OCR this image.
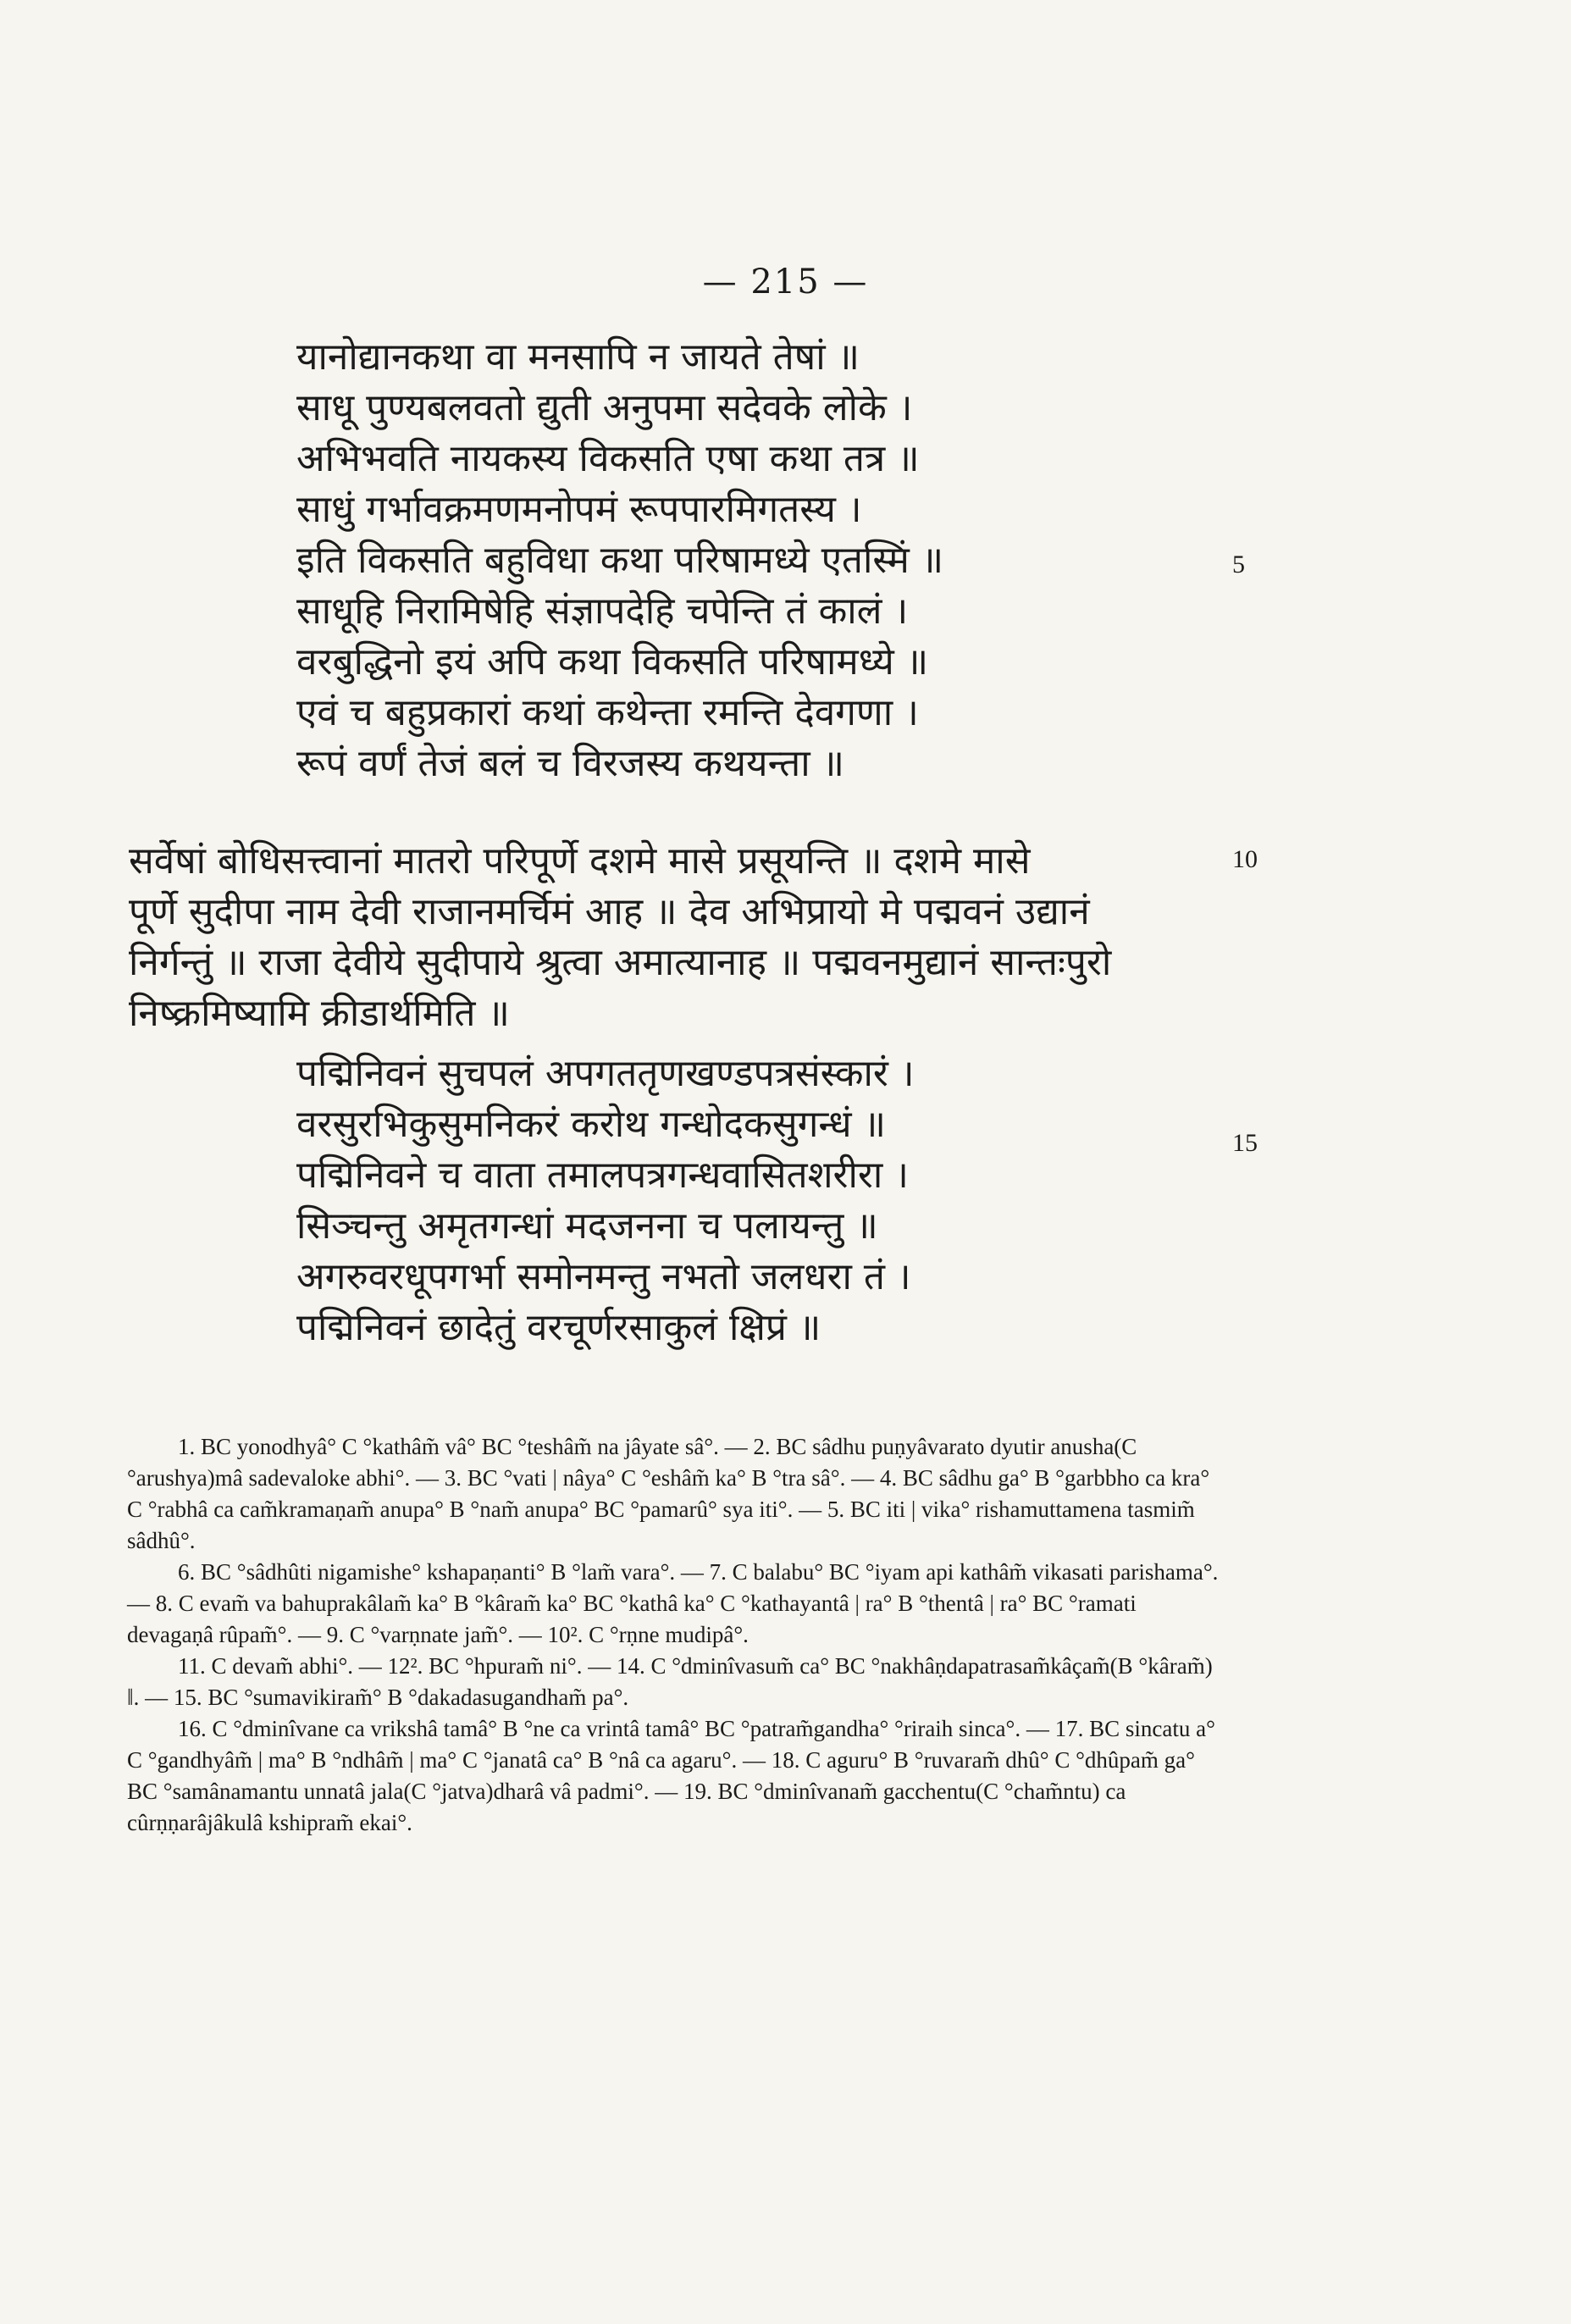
— 215 —
यानोद्यानकथा वा मनसापि न जायते तेषां ॥
साधू पुण्यबलवतो द्युती अनुपमा सदेवके लोके ।
अभिभवति नायकस्य विकसति एषा कथा तत्र ॥
साधुं गर्भावक्रमणमनोपमं रूपपारमिगतस्य ।
इति विकसति बहुविधा कथा परिषामध्ये एतस्मिं ॥
साधूहि निरामिषेहि संज्ञापदेहि चपेन्ति तं कालं ।
वरबुद्धिनो इयं अपि कथा विकसति परिषामध्ये ॥
एवं च बहुप्रकारां कथां कथेन्ता रमन्ति देवगणा ।
रूपं वर्णं तेजं बलं च विरजस्य कथयन्ता ॥
5
सर्वेषां बोधिसत्त्वानां मातरो परिपूर्णे दशमे मासे प्रसूयन्ति ॥ दशमे मासे
पूर्णे सुदीपा नाम देवी राजानमर्चिमं आह ॥ देव अभिप्रायो मे पद्मवनं उद्यानं
निर्गन्तुं ॥ राजा देवीये सुदीपाये श्रुत्वा अमात्यानाह ॥ पद्मवनमुद्यानं सान्तःपुरो
निष्क्रमिष्यामि क्रीडार्थमिति ॥
10
पद्मिनिवनं सुचपलं अपगततृणखण्डपत्रसंस्कारं ।
वरसुरभिकुसुमनिकरं करोथ गन्धोदकसुगन्धं ॥
पद्मिनिवने च वाता तमालपत्रगन्धवासितशरीरा ।
सिञ्चन्तु अमृतगन्धां मदजनना च पलायन्तु ॥
अगरुवरधूपगर्भा समोनमन्तु नभतो जलधरा तं ।
पद्मिनिवनं छादेतुं वरचूर्णरसाकुलं क्षिप्रं ॥
15

1. BC yonodhyâ° C °kathâm̃ vâ° BC °teshâm̃ na jâyate sâ°. — 2. BC sâdhu puṇyâvarato dyutir anusha(C °arushya)mâ sadevaloke abhi°. — 3. BC °vati | nâya° C °eshâm̃ ka° B °tra sâ°. — 4. BC sâdhu ga° B °garbbho ca kra° C °rabhâ ca cam̃kramaṇam̃ anupa° B °nam̃ anupa° BC °pamarû° sya iti°. — 5. BC iti | vika° rishamuttamena tasmim̃ sâdhû°.

6. BC °sâdhûti nigamishe° kshapaṇanti° B °lam̃ vara°. — 7. C balabu° BC °iyam api kathâm̃ vikasati parishama°. — 8. C evam̃ va bahuprakâlam̃ ka° B °kâram̃ ka° BC °kathâ ka° C °kathayantâ | ra° B °thentâ | ra° BC °ramati devagaṇâ rûpam̃°. — 9. C °varṇnate jam̃°. — 10². C °rṇne mudipâ°.

11. C devam̃ abhi°. — 12². BC °hpuram̃ ni°. — 14. C °dminîvasum̃ ca° BC °nakhâṇdapatrasam̃kâçam̃(B °kâram̃) ‖. — 15. BC °sumavikiram̃° B °dakadasugandham̃ pa°.

16. C °dminîvane ca vrikshâ tamâ° B °ne ca vrintâ tamâ° BC °patram̃gandha° °riraih sinca°. — 17. BC sincatu a° C °gandhyâm̃ | ma° B °ndhâm̃ | ma° C °janatâ ca° B °nâ ca agaru°. — 18. C aguru° B °ruvaram̃ dhû° C °dhûpam̃ ga° BC °samânamantu unnatâ jala(C °jatva)dharâ vâ padmi°. — 19. BC °dminîvanam̃ gacchentu(C °cham̃ntu) ca cûrṇṇarâjâkulâ kshipram̃ ekai°.
